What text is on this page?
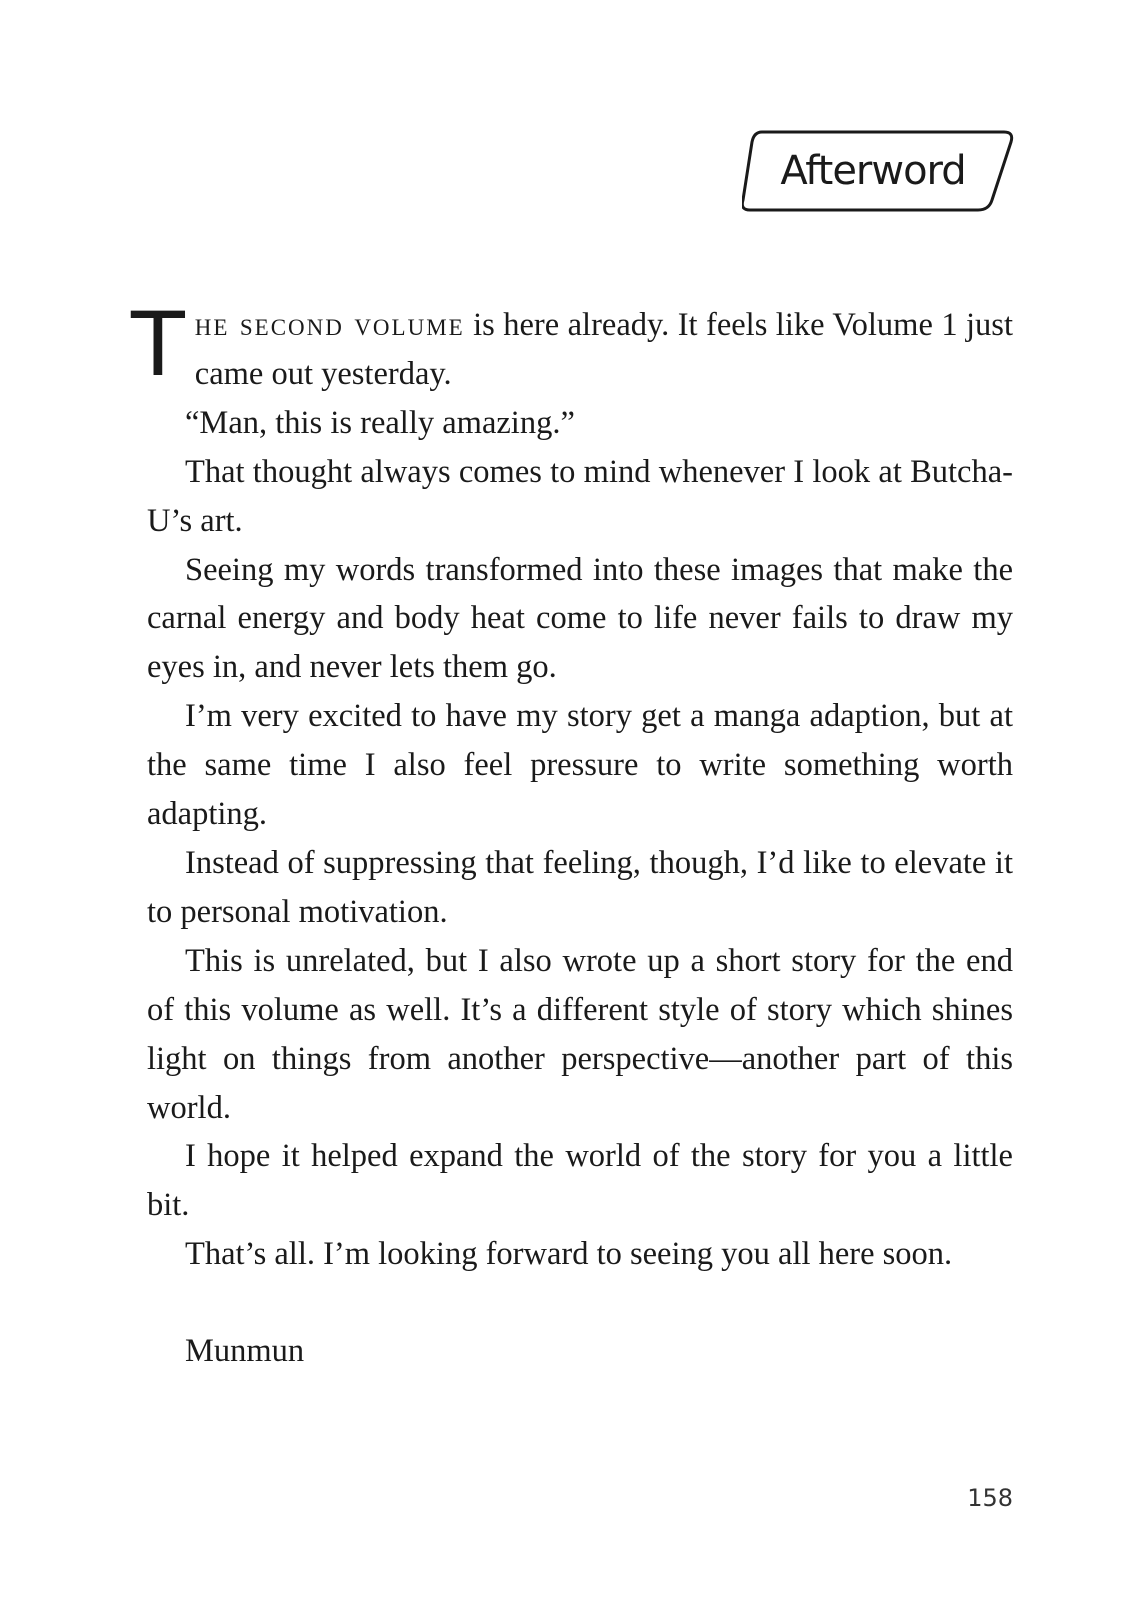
Afterword

The second volume is here already. It feels like Volume 1 just came out yesterday.

“Man, this is really amazing.”

That thought always comes to mind whenever I look at Butcha-U’s art.

Seeing my words transformed into these images that make the carnal energy and body heat come to life never fails to draw my eyes in, and never lets them go.

I’m very excited to have my story get a manga adaption, but at the same time I also feel pressure to write something worth adapting.

Instead of suppressing that feeling, though, I’d like to elevate it to personal motivation.

This is unrelated, but I also wrote up a short story for the end of this volume as well. It’s a different style of story which shines light on things from another perspective—another part of this world.

I hope it helped expand the world of the story for you a little bit.

That’s all. I’m looking forward to seeing you all here soon.

Munmun

158
